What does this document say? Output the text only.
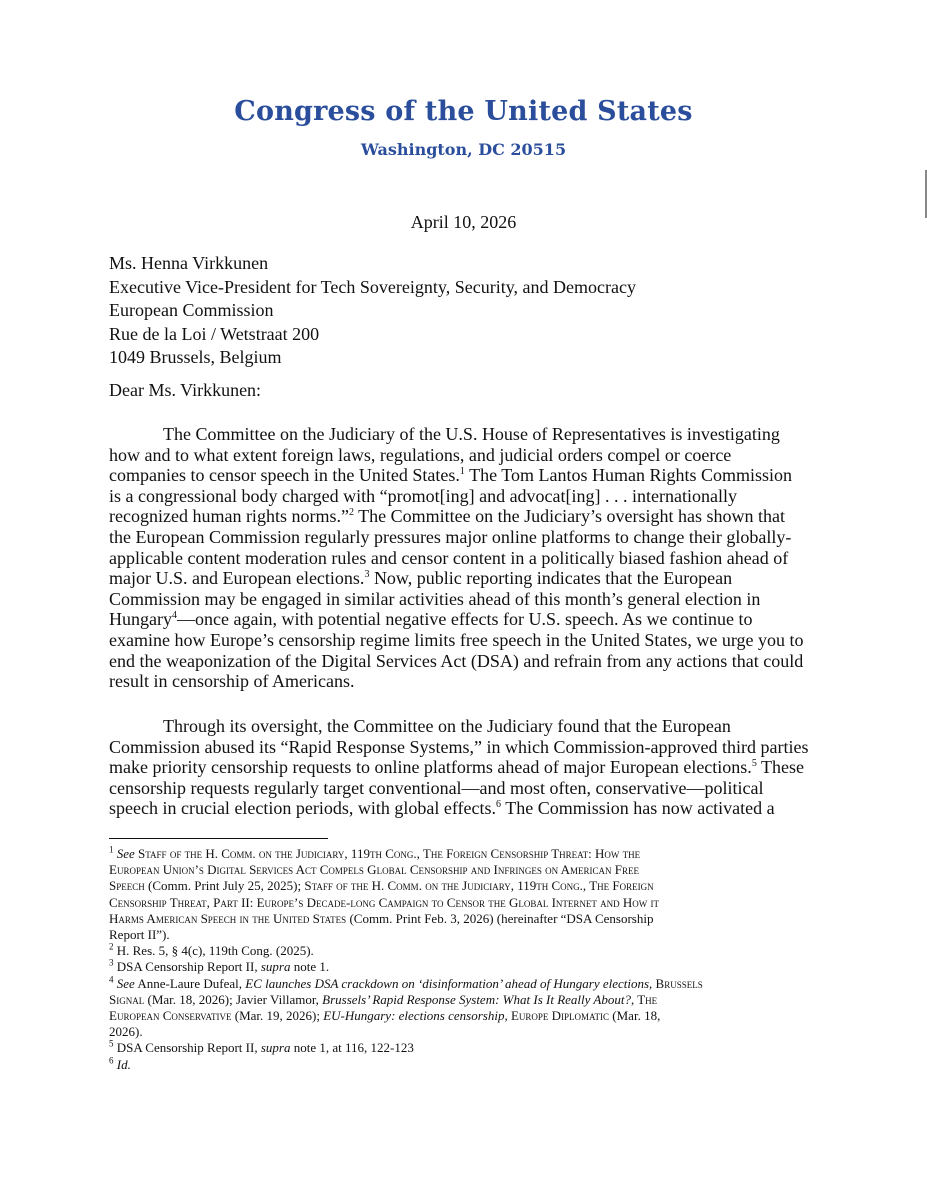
Congress of the United States
Washington, DC 20515
April 10, 2026
Ms. Henna Virkkunen
Executive Vice-President for Tech Sovereignty, Security, and Democracy
European Commission
Rue de la Loi / Wetstraat 200
1049 Brussels, Belgium
Dear Ms. Virkkunen:
The Committee on the Judiciary of the U.S. House of Representatives is investigating
how and to what extent foreign laws, regulations, and judicial orders compel or coerce
companies to censor speech in the United States.$^1$ The Tom Lantos Human Rights Commission
is a congressional body charged with “promot[ing] and advocat[ing] . . . internationally
recognized human rights norms.”$^2$ The Committee on the Judiciary’s oversight has shown that
the European Commission regularly pressures major online platforms to change their globally-
applicable content moderation rules and censor content in a politically biased fashion ahead of
major U.S. and European elections.$^3$ Now, public reporting indicates that the European
Commission may be engaged in similar activities ahead of this month’s general election in
Hungary$^4$—once again, with potential negative effects for U.S. speech. As we continue to
examine how Europe’s censorship regime limits free speech in the United States, we urge you to
end the weaponization of the Digital Services Act (DSA) and refrain from any actions that could
result in censorship of Americans.
Through its oversight, the Committee on the Judiciary found that the European
Commission abused its “Rapid Response Systems,” in which Commission-approved third parties
make priority censorship requests to online platforms ahead of major European elections.$^5$ These
censorship requests regularly target conventional—and most often, conservative—political
speech in crucial election periods, with global effects.$^6$ The Commission has now activated a
$^1$ See Staff of the H. Comm. on the Judiciary, 119th Cong., The Foreign Censorship Threat: How the
European Union’s Digital Services Act Compels Global Censorship and Infringes on American Free
Speech (Comm. Print July 25, 2025); Staff of the H. Comm. on the Judiciary, 119th Cong., The Foreign
Censorship Threat, Part II: Europe’s Decade-long Campaign to Censor the Global Internet and How it
Harms American Speech in the United States (Comm. Print Feb. 3, 2026) (hereinafter “DSA Censorship
Report II”).
$^2$ H. Res. 5, § 4(c), 119th Cong. (2025).
$^3$ DSA Censorship Report II, supra note 1.
$^4$ See Anne-Laure Dufeal, EC launches DSA crackdown on ‘disinformation’ ahead of Hungary elections, Brussels
Signal (Mar. 18, 2026); Javier Villamor, Brussels’ Rapid Response System: What Is It Really About?, The
European Conservative (Mar. 19, 2026); EU-Hungary: elections censorship, Europe Diplomatic (Mar. 18,
2026).
$^5$ DSA Censorship Report II, supra note 1, at 116, 122-123
$^6$ Id.
